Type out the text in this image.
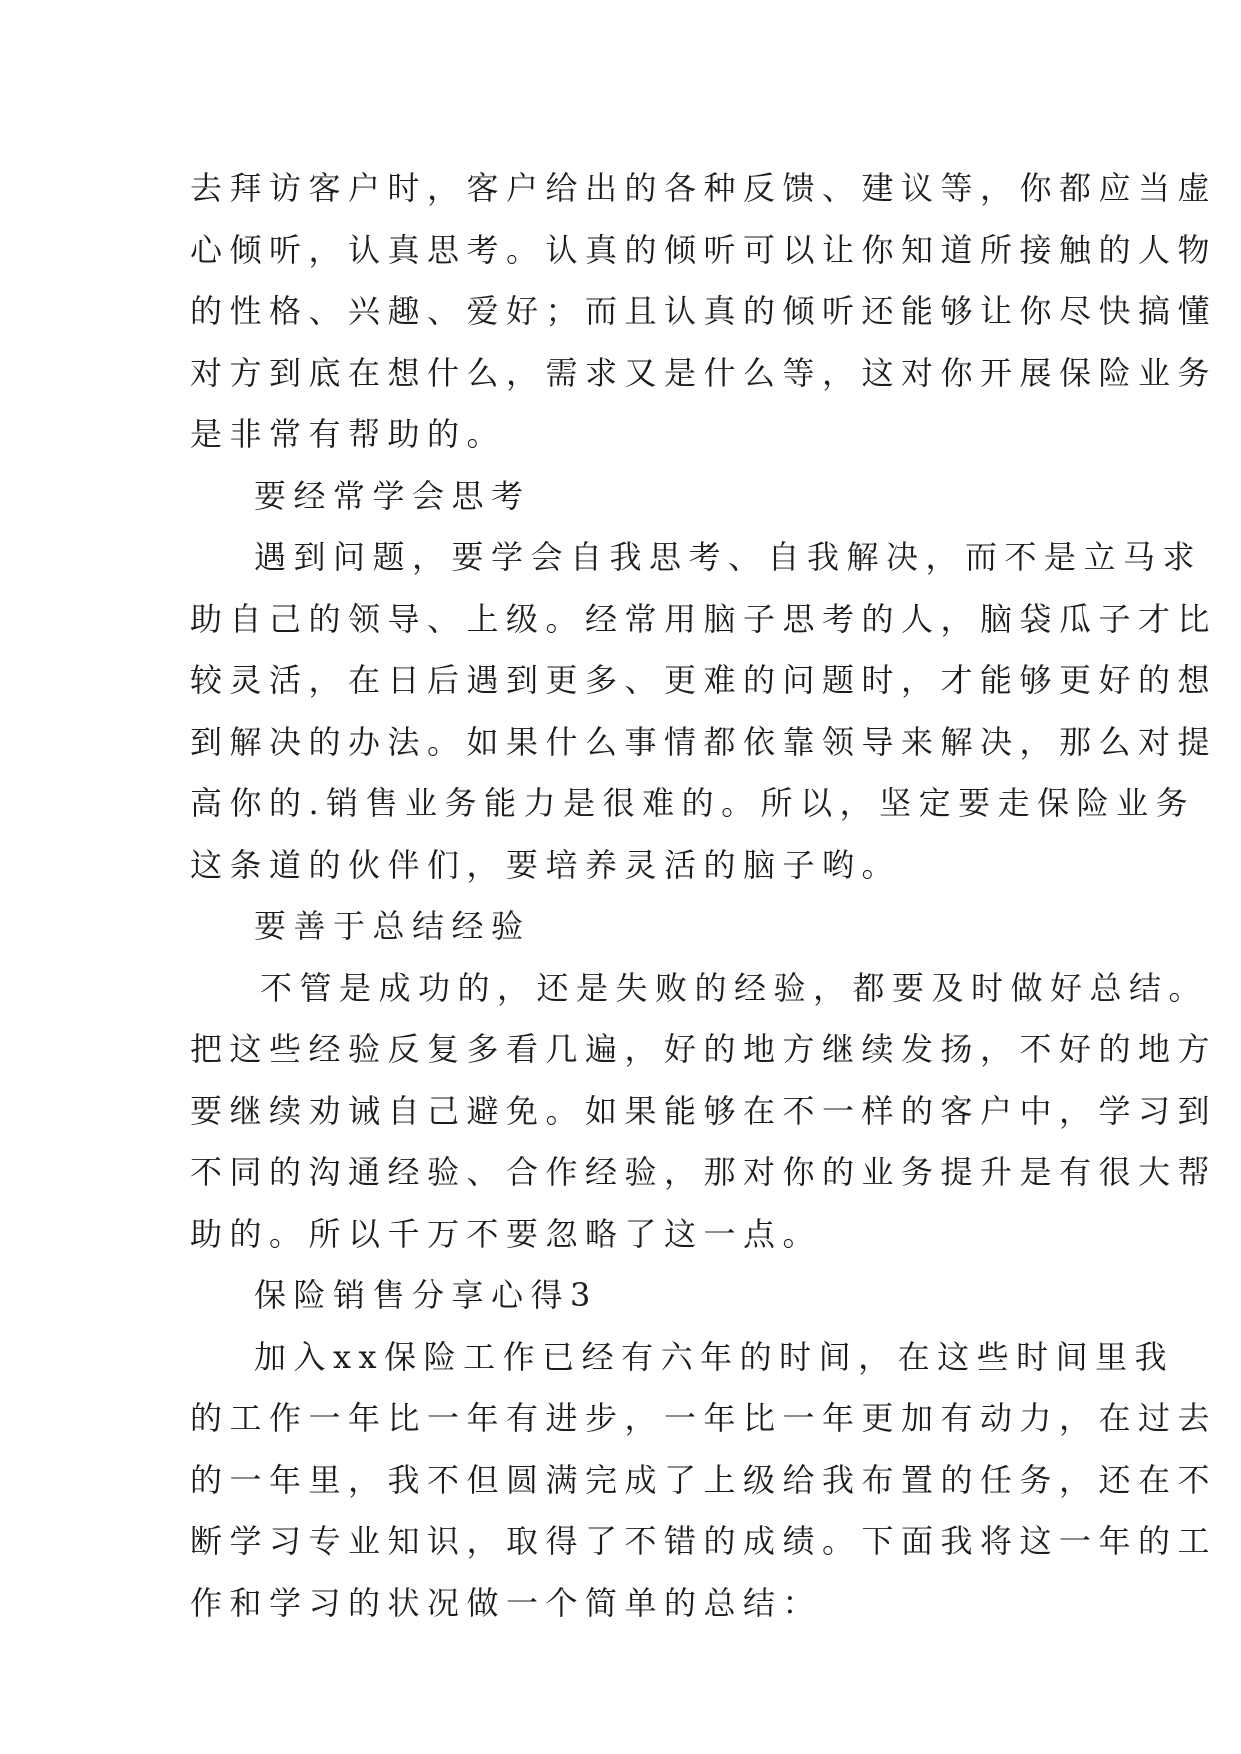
去拜访客户时，客户给出的各种反馈、建议等，你都应当虚
心倾听，认真思考。认真的倾听可以让你知道所接触的人物
的性格、兴趣、爱好；而且认真的倾听还能够让你尽快搞懂
对方到底在想什么，需求又是什么等，这对你开展保险业务
是非常有帮助的。
要经常学会思考
遇到问题，要学会自我思考、自我解决，而不是立马求
助自己的领导、上级。经常用脑子思考的人，脑袋瓜子才比
较灵活，在日后遇到更多、更难的问题时，才能够更好的想
到解决的办法。如果什么事情都依靠领导来解决，那么对提
高你的.销售业务能力是很难的。所以，坚定要走保险业务
这条道的伙伴们，要培养灵活的脑子哟。
要善于总结经验
不管是成功的，还是失败的经验，都要及时做好总结。
把这些经验反复多看几遍，好的地方继续发扬，不好的地方
要继续劝诫自己避免。如果能够在不一样的客户中，学习到
不同的沟通经验、合作经验，那对你的业务提升是有很大帮
助的。所以千万不要忽略了这一点。
保险销售分享心得3
加入xx保险工作已经有六年的时间，在这些时间里我
的工作一年比一年有进步，一年比一年更加有动力，在过去
的一年里，我不但圆满完成了上级给我布置的任务，还在不
断学习专业知识，取得了不错的成绩。下面我将这一年的工
作和学习的状况做一个简单的总结：
